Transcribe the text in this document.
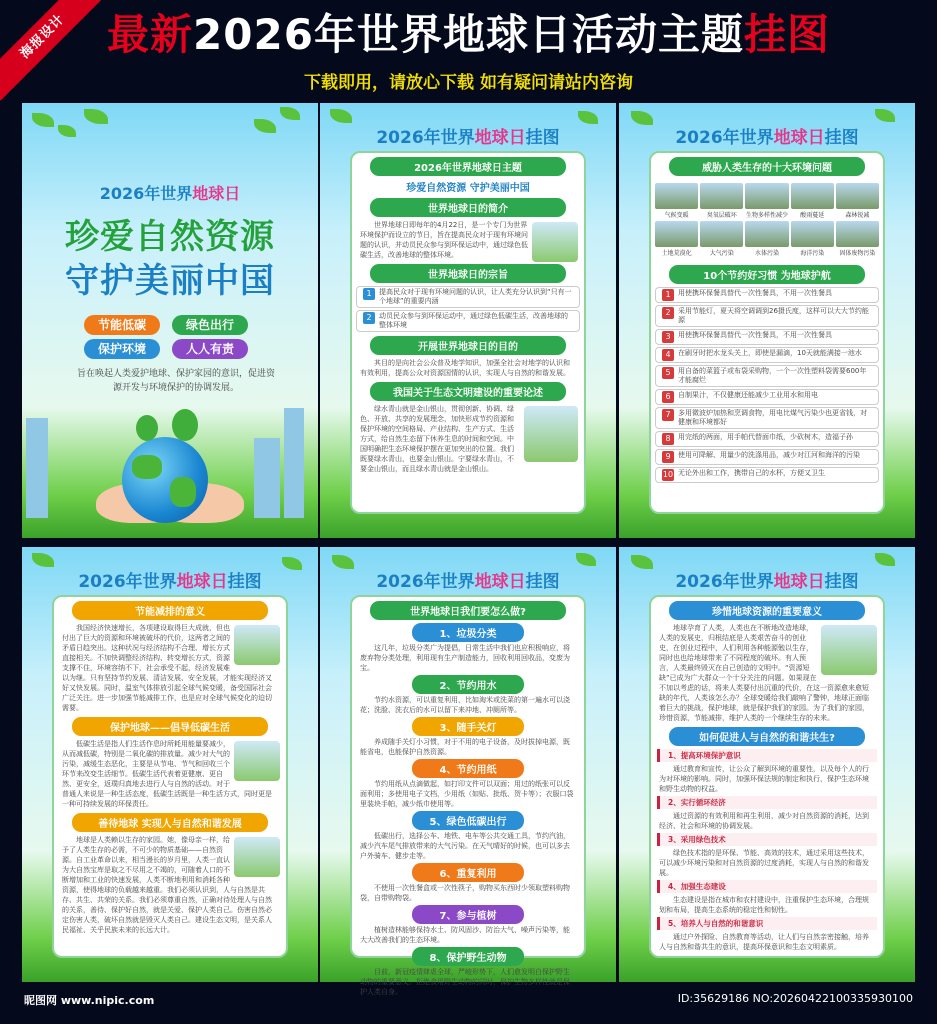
海报设计 最新2026年世界地球日活动主题挂图
下载即用，请放心下载 如有疑问请站内咨询
2026年世界地球日
珍爱自然资源
守护美丽中国
节能低碳	绿色出行
保护环境	人人有责
旨在唤起人类爱护地球、保护家园的意识，促进资源开发与环境保护的协调发展。
2026年世界地球日挂图
2026年世界地球日主题
珍爱自然资源 守护美丽中国
世界地球日的简介
世界地球日即每年的4月22日，是一个专门为世界环境保护而设立的节日，旨在提高民众对于现有环境问题的认识，并动员民众参与到环保运动中，通过绿色低碳生活，改善地球的整体环境。
世界地球日的宗旨
1	提高民众对于现有环境问题的认识，让人类充分认识到“只有一个地球”的重要内涵
2	动员民众参与到环保运动中，通过绿色低碳生活，改善地球的整体环境
开展世界地球日的目的
其目的是向社会公众普及地学知识，加强全社会对地学的认识和有效利用，提高公众对资源国情的认识，实现人与自然的和谐发展。
我国关于生态文明建设的重要论述
绿水青山就是金山银山，贯彻创新、协调、绿色、开放、共享的发展理念，加快形成节约资源和保护环境的空间格局、产业结构、生产方式、生活方式，给自然生态留下休养生息的时间和空间。中国明确把生态环境保护摆在更加突出的位置。我们既要绿水青山，也要金山银山。宁要绿水青山，不要金山银山，而且绿水青山就是金山银山。
2026年世界地球日挂图
威胁人类生存的十大环境问题
气候变暖	臭氧层破坏	生物多样性减少	酸雨蔓延	森林锐减
土地荒漠化	大气污染	水体污染	海洋污染	固体废物污染
10个节约好习惯 为地球护航
1	用使携环保餐具替代一次性餐具，不用一次性餐具
2	采用节能灯，夏天将空调调到26摄氏度，这样可以大大节约能源
3	用使携环保餐具替代一次性餐具，不用一次性餐具
4	在刷牙时把水龙头关上，即使是漏滴，10天就能满接一池水
5	用自备的菜篮子或布袋采购物，一个一次性塑料袋需要600年才能腐烂
6	自制果汁，不仅健康还能减少工业用水和用电
7	多用微波炉加热和烹调食物，用电比煤气污染少也更省钱，对健康和环境都好
8	用完纸的两面，用手帕代替面巾纸，少砍树木，造福子孙
9	使用可降解、用量少的洗涤用品，减少对江河和海洋的污染
10 无论外出和工作，携带自己的水杯，方便又卫生
2026年世界地球日挂图
节能减排的意义
我国经济快速增长，各项建设取得巨大成就，但也付出了巨大的资源和环境被破坏的代价，这两者之间的矛盾日趋突出。这种状况与经济结构不合理、增长方式直接相关。不加快调整经济结构、转变增长方式，资源支撑不住，环境容纳不下，社会承受不起，经济发展难以为继。只有坚持节约发展、清洁发展、安全发展，才能实现经济又好又快发展。同时，温室气体排放引起全球气候变暖，备受国际社会广泛关注。进一步加强节能减排工作，也是应对全球气候变化的迫切需要。
保护地球——倡导低碳生活
低碳生活是指人们生活作息时所耗用能量要减少，从而减低碳，特别是二氧化碳的排放量。减少对大气的污染，减缓生态恶化，主要是从节电、节气和回收三个环节来改变生活细节。低碳生活代表着更健康、更自然、更安全，返璞归真地去进行人与自然的活动。对于普通人来说是一种生活态度，低碳生活既是一种生活方式，同时更是一种可持续发展的环保责任。
善待地球 实现人与自然和谐发展
地球是人类赖以生存的家园。她，像母亲一样，给予了人类生存的必需，不可少的物质基础——自然资源。自工业革命以来，相当漫长的岁月里，人类一直认为大自然宝库是取之不尽用之不竭的，可随着人口的不断增加和工业的快速发展，人类不断地利用和消耗各种资源，使得地球的负载越来越重。我们必须认识到，人与自然是共存、共生、共荣的关系。我们必须尊重自然，正确对待处理人与自然的关系，善待、保护好自然，就是关爱、保护人类自己。伤害自然必定伤害人类，破坏自然就是毁灭人类自己。建设生态文明，是关系人民福祉、关乎民族未来的长远大计。
2026年世界地球日挂图
世界地球日我们要怎么做?
1、垃圾分类
这几年，垃圾分类广为提倡，日常生活中我们也应积极响应，将废弃物分类处理，利用现有生产制造能力，回收利用回收品，变废为宝。
2、节约用水
节约水资源，可以重复利用，比如淘米或洗菜的第一遍水可以浇花；洗脸、洗衣后的水可以留下来冲地、冲厕所等。
3、随手关灯
养成随手关灯小习惯，对于不用的电子设备，及时拔掉电源，既能省电，也能保护自然资源。
4、节约用纸
节约用纸从点滴做起，如打印文件可以双面；用过的纸张可以反面利用；多使用电子文档，少用纸（如贴、批纸、贺卡等）；衣服口袋里装块手帕，减少纸巾使用等。
5、绿色低碳出行
低碳出行，选择公车、地铁、电车等公共交通工具，节约汽油，减少汽车尾气排放带来的大气污染。在天气晴好的时候，也可以多去户外骑车、健步走等。
6、重复利用
不使用一次性餐盒或一次性筷子，购物买东西时少领取塑料购物袋，自带购物袋。
7、参与植树
植树造林能够保持水土、防风固沙、防治大气、噪声污染等，能大大改善我们的生态环境。
8、保护野生动物
目前，新冠疫情肆虐全球，严峻形势下，人们愈发明白保护野生动物的重要意义。拒绝食用野生动物的同时，保护生物多样性就是保护人类自身。
2026年世界地球日挂图
珍惜地球资源的重要意义
地球孕育了人类，人类也在不断地改造地球，人类的发展史，归根结底是人类艰苦奋斗的创业史，在创业过程中，人们利用各种能源勉以生存，同时也也给地球带来了不同程度的破坏。有人预言，人类最终毁灭在自己创造的文明中。“资源短缺”已成为广大群众一个十分关注的问题。如果现在不加以考虑的话，将来人类要付出沉重的代价，在这一资源愈来愈短缺的年代，人类该怎么办？全球变暖给我们敲响了警钟，地球正面临着巨大的挑战，保护地球，就是保护我们的家园。为了我们的家园，珍惜资源，节能减排，维护人类的一个继续生存的未来。
如何促进人与自然的和谐共生?
1、提高环境保护意识
通过教育和宣传，让公众了解到环境的重要性，以及每个人的行为对环境的影响。同时，加强环保法规的制定和执行，保护生态环境和野生动物的权益。
2、实行循环经济
通过资源的有效利用和再生利用，减少对自然资源的消耗，达到经济、社会和环境的协调发展。
3、采用绿色技术
绿色技术指的是环保、节能、高效的技术，通过采用这些技术，可以减少环境污染和对自然资源的过度消耗，实现人与自然的和谐发展。
4、加强生态建设
生态建设是指在城市和农村建设中，注重保护生态环境，合理规划和布局，提高生态系统的稳定性和韧性。
5、培养人与自然的和谐意识
通过户外探险、自然教育等活动，让人们与自然亲密接触，培养人与自然和谐共生的意识，提高环保意识和生态文明素质。
昵图网 www.nipic.com	ID:35629186 NO:20260422100335930100
